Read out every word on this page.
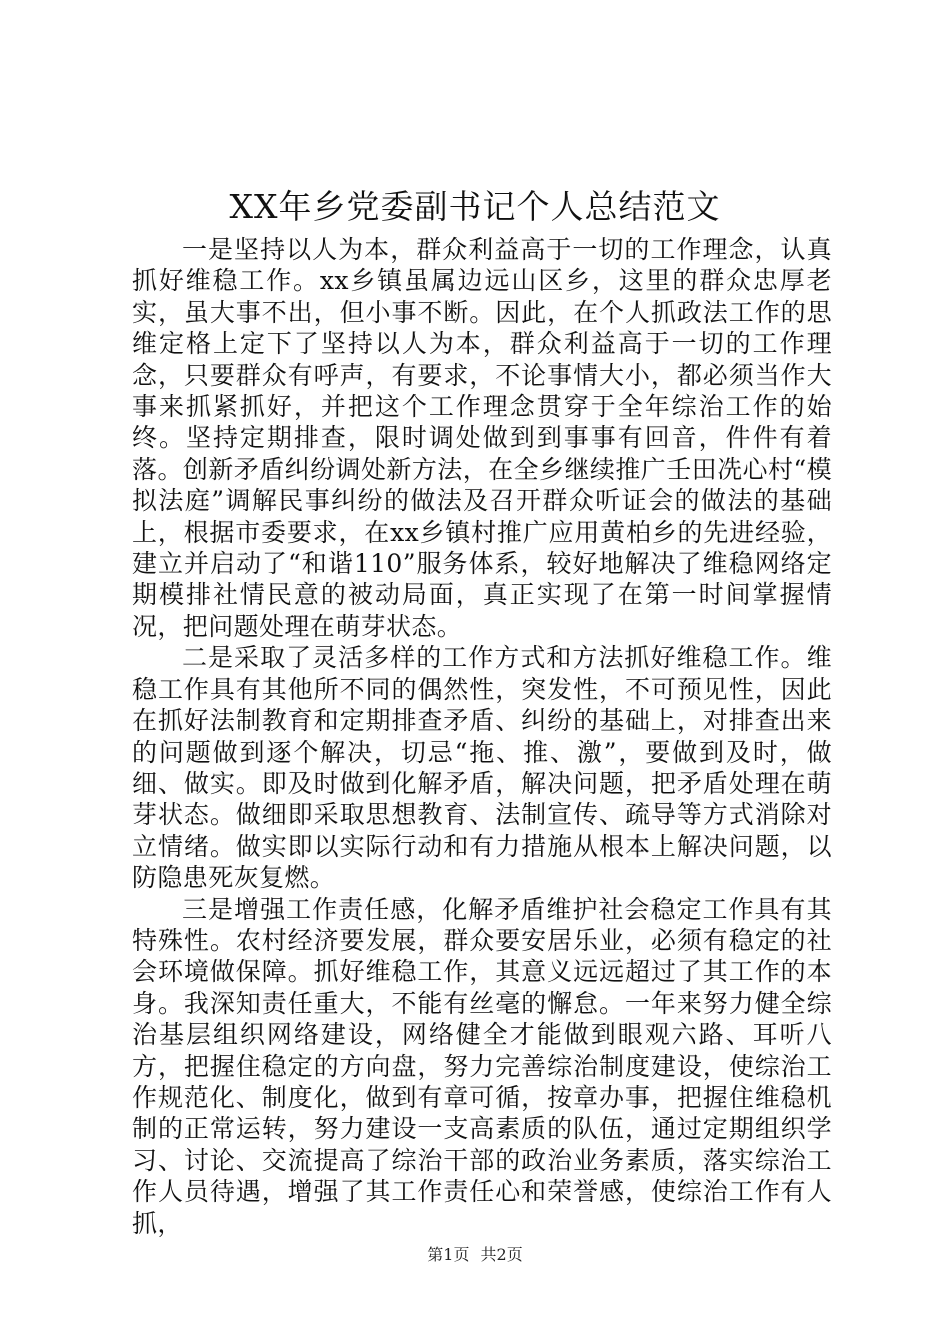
XX年乡党委副书记个人总结范文

一是坚持以人为本，群众利益高于一切的工作理念，认真抓好维稳工作。xx乡镇虽属边远山区乡，这里的群众忠厚老实，虽大事不出，但小事不断。因此，在个人抓政法工作的思维定格上定下了坚持以人为本，群众利益高于一切的工作理念，只要群众有呼声，有要求，不论事情大小，都必须当作大事来抓紧抓好，并把这个工作理念贯穿于全年综治工作的始终。坚持定期排查，限时调处做到到事事有回音，件件有着落。创新矛盾纠纷调处新方法，在全乡继续推广壬田冼心村“模拟法庭”调解民事纠纷的做法及召开群众听证会的做法的基础上，根据市委要求，在xx乡镇村推广应用黄柏乡的先进经验，建立并启动了“和谐110”服务体系，较好地解决了维稳网络定期模排社情民意的被动局面，真正实现了在第一时间掌握情况，把问题处理在萌芽状态。

二是采取了灵活多样的工作方式和方法抓好维稳工作。维稳工作具有其他所不同的偶然性，突发性，不可预见性，因此在抓好法制教育和定期排查矛盾、纠纷的基础上，对排查出来的问题做到逐个解决，切忌“拖、推、激”，要做到及时，做细、做实。即及时做到化解矛盾，解决问题，把矛盾处理在萌芽状态。做细即采取思想教育、法制宣传、疏导等方式消除对立情绪。做实即以实际行动和有力措施从根本上解决问题，以防隐患死灰复燃。

三是增强工作责任感，化解矛盾维护社会稳定工作具有其特殊性。农村经济要发展，群众要安居乐业，必须有稳定的社会环境做保障。抓好维稳工作，其意义远远超过了其工作的本身。我深知责任重大，不能有丝毫的懈怠。一年来努力健全综治基层组织网络建设，网络健全才能做到眼观六路、耳听八方，把握住稳定的方向盘，努力完善综治制度建设，使综治工作规范化、制度化，做到有章可循，按章办事，把握住维稳机制的正常运转，努力建设一支高素质的队伍，通过定期组织学习、讨论、交流提高了综治干部的政治业务素质，落实综治工作人员待遇，增强了其工作责任心和荣誉感，使综治工作有人抓，

第1页 共2页
